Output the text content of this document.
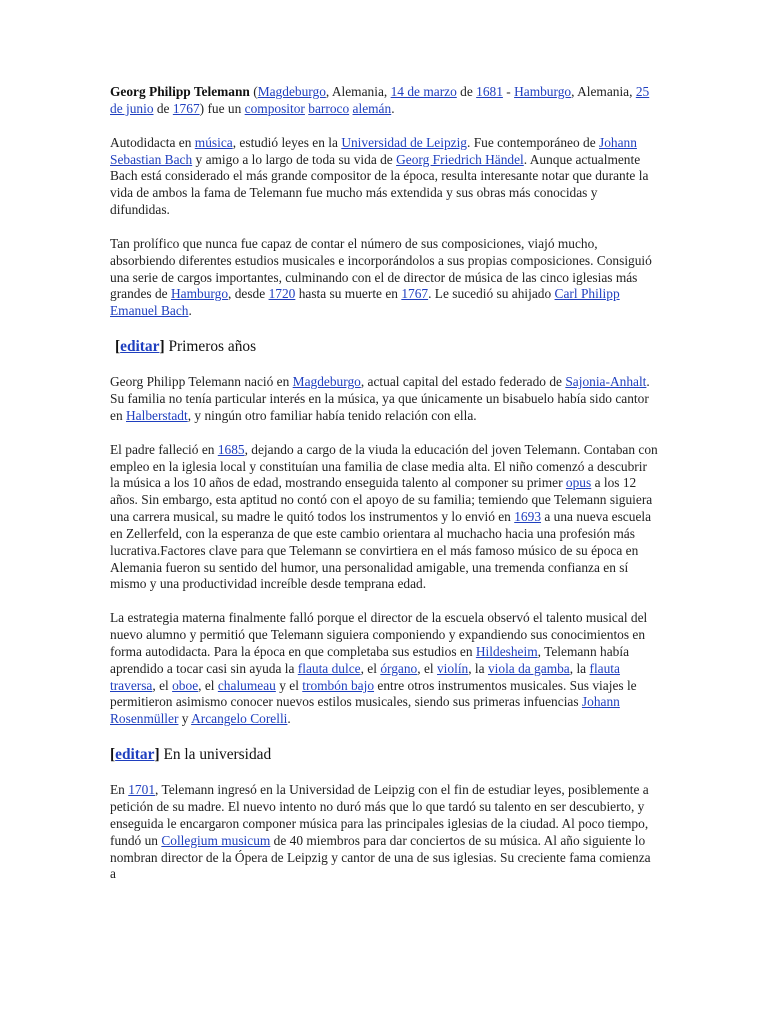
Georg Philipp Telemann (Magdeburgo, Alemania, 14 de marzo de 1681 - Hamburgo, Alemania, 25 de junio de 1767) fue un compositor barroco alemán.

Autodidacta en música, estudió leyes en la Universidad de Leipzig. Fue contemporáneo de Johann Sebastian Bach y amigo a lo largo de toda su vida de Georg Friedrich Händel. Aunque actualmente Bach está considerado el más grande compositor de la época, resulta interesante notar que durante la vida de ambos la fama de Telemann fue mucho más extendida y sus obras más conocidas y difundidas.

Tan prolífico que nunca fue capaz de contar el número de sus composiciones, viajó mucho, absorbiendo diferentes estudios musicales e incorporándolos a sus propias composiciones. Consiguió una serie de cargos importantes, culminando con el de director de música de las cinco iglesias más grandes de Hamburgo, desde 1720 hasta su muerte en 1767. Le sucedió su ahijado Carl Philipp Emanuel Bach.

[editar] Primeros años

Georg Philipp Telemann nació en Magdeburgo, actual capital del estado federado de Sajonia-Anhalt. Su familia no tenía particular interés en la música, ya que únicamente un bisabuelo había sido cantor en Halberstadt, y ningún otro familiar había tenido relación con ella.

El padre falleció en 1685, dejando a cargo de la viuda la educación del joven Telemann. Contaban con empleo en la iglesia local y constituían una familia de clase media alta. El niño comenzó a descubrir la música a los 10 años de edad, mostrando enseguida talento al componer su primer opus a los 12 años. Sin embargo, esta aptitud no contó con el apoyo de su familia; temiendo que Telemann siguiera una carrera musical, su madre le quitó todos los instrumentos y lo envió en 1693 a una nueva escuela en Zellerfeld, con la esperanza de que este cambio orientara al muchacho hacia una profesión más lucrativa.Factores clave para que Telemann se convirtiera en el más famoso músico de su época en Alemania fueron su sentido del humor, una personalidad amigable, una tremenda confianza en sí mismo y una productividad increíble desde temprana edad.

La estrategia materna finalmente falló porque el director de la escuela observó el talento musical del nuevo alumno y permitió que Telemann siguiera componiendo y expandiendo sus conocimientos en forma autodidacta. Para la época en que completaba sus estudios en Hildesheim, Telemann había aprendido a tocar casi sin ayuda la flauta dulce, el órgano, el violín, la viola da gamba, la flauta traversa, el oboe, el chalumeau y el trombón bajo entre otros instrumentos musicales. Sus viajes le permitieron asimismo conocer nuevos estilos musicales, siendo sus primeras infuencias Johann Rosenmüller y Arcangelo Corelli.

[editar] En la universidad

En 1701, Telemann ingresó en la Universidad de Leipzig con el fin de estudiar leyes, posiblemente a petición de su madre. El nuevo intento no duró más que lo que tardó su talento en ser descubierto, y enseguida le encargaron componer música para las principales iglesias de la ciudad. Al poco tiempo, fundó un Collegium musicum de 40 miembros para dar conciertos de su música. Al año siguiente lo nombran director de la Ópera de Leipzig y cantor de una de sus iglesias. Su creciente fama comienza a
